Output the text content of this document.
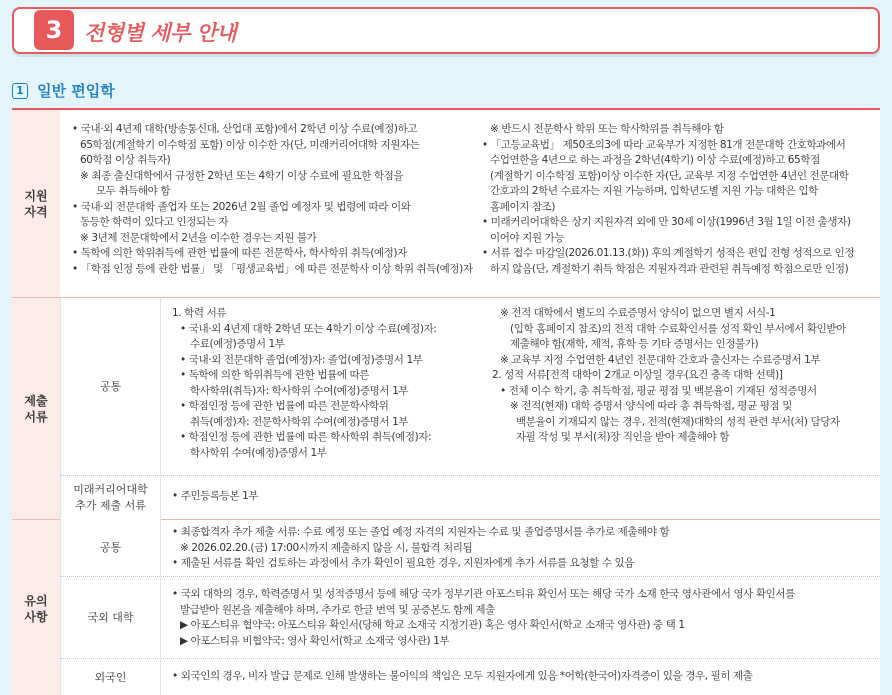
3	전형별 세부 안내
1 일반 편입학
지원
자격
• 국내·외 4년제 대학(방송통신대, 산업대 포함)에서 2학년 이상 수료(예정)하고
65학점(계절학기 이수학점 포함) 이상 이수한 자(단, 미래커리어대학 지원자는
60학점 이상 취득자)
※ 최종 출신대학에서 규정한 2학년 또는 4학기 이상 수료에 필요한 학점을
모두 취득해야 함
• 국내·외 전문대학 졸업자 또는 2026년 2월 졸업 예정자 및 법령에 따라 이와
동등한 학력이 있다고 인정되는 자
※ 3년제 전문대학에서 2년을 이수한 경우는 지원 불가
• 독학에 의한 학위취득에 관한 법률에 따른 전문학사, 학사학위 취득(예정)자
• 「학점 인정 등에 관한 법률」 및 「평생교육법」에 따른 전문학사 이상 학위 취득(예정)자
※ 반드시 전문학사 학위 또는 학사학위를 취득해야 함
• 「고등교육법」 제50조의3에 따라 교육부가 지정한 81개 전문대학 간호학과에서
수업연한을 4년으로 하는 과정을 2학년(4학기) 이상 수료(예정)하고 65학점
(계절학기 이수학점 포함)이상 이수한 자(단, 교육부 지정 수업연한 4년인 전문대학
간호과의 2학년 수료자는 지원 가능하며, 입학년도별 지원 가능 대학은 입학
홈페이지 참조)
• 미래커리어대학은 상기 지원자격 외에 만 30세 이상(1996년 3월 1일 이전 출생자)
이어야 지원 가능
• 서류 접수 마감일(2026.01.13.(화)) 후의 계절학기 성적은 편입 전형 성적으로 인정
하지 않음(단, 계절학기 취득 학점은 지원자격과 관련된 취득예정 학점으로만 인정)
제출
서류
공통
1. 학력 서류
• 국내·외 4년제 대학 2학년 또는 4학기 이상 수료(예정)자:
수료(예정)증명서 1부
• 국내·외 전문대학 졸업(예정)자: 졸업(예정)증명서 1부
• 독학에 의한 학위취득에 관한 법률에 따른
학사학위(취득)자: 학사학위 수여(예정)증명서 1부
• 학점인정 등에 관한 법률에 따른 전문학사학위
취득(예정)자: 전문학사학위 수여(예정)증명서 1부
• 학점인정 등에 관한 법률에 따른 학사학위 취득(예정)자:
학사학위 수여(예정)증명서 1부
※ 전적 대학에서 별도의 수료증명서 양식이 없으면 별지 서식-1
(입학 홈페이지 참조)의 전적 대학 수료확인서를 성적 확인 부서에서 확인받아
제출해야 함(재학, 제적, 휴학 등 기타 증명서는 인정불가)
※ 교육부 지정 수업연한 4년인 전문대학 간호과 출신자는 수료증명서 1부
2. 성적 서류[전적 대학이 2개교 이상일 경우(요건 충족 대학 선택)]
• 전체 이수 학기, 총 취득학점, 평균 평점 및 백분율이 기재된 성적증명서
※ 전적(현재) 대학 증명서 양식에 따라 총 취득학점, 평균 평점 및
백분율이 기재되지 않는 경우, 전적(현재)대학의 성적 관련 부서(처) 담당자
자필 작성 및 부서(처)장 직인을 받아 제출해야 함
미래커리어대학
추가 제출 서류
• 주민등록등본 1부
유의
사항
공통
• 최종합격자 추가 제출 서류: 수료 예정 또는 졸업 예정 자격의 지원자는 수료 및 졸업증명서를 추가로 제출해야 함
※ 2026.02.20.(금) 17:00시까지 제출하지 않을 시, 불합격 처리됨
• 제출된 서류를 확인 검토하는 과정에서 추가 확인이 필요한 경우, 지원자에게 추가 서류를 요청할 수 있음
국외 대학
• 국외 대학의 경우, 학력증명서 및 성적증명서 등에 해당 국가 정부기관 아포스티유 확인서 또는 해당 국가 소재 한국 영사관에서 영사 확인서를
발급받아 원본을 제출해야 하며, 추가로 한글 번역 및 공증본도 함께 제출
▶ 아포스티유 협약국: 아포스티유 확인서(당해 학교 소재국 지정기관) 혹은 영사 확인서(학교 소재국 영사관) 중 택 1
▶ 아포스티유 비협약국: 영사 확인서(학교 소재국 영사관) 1부
외국인	• 외국인의 경우, 비자 발급 문제로 인해 발생하는 불이익의 책임은 모두 지원자에게 있음 *어학(한국어)자격증이 있을 경우, 필히 제출
